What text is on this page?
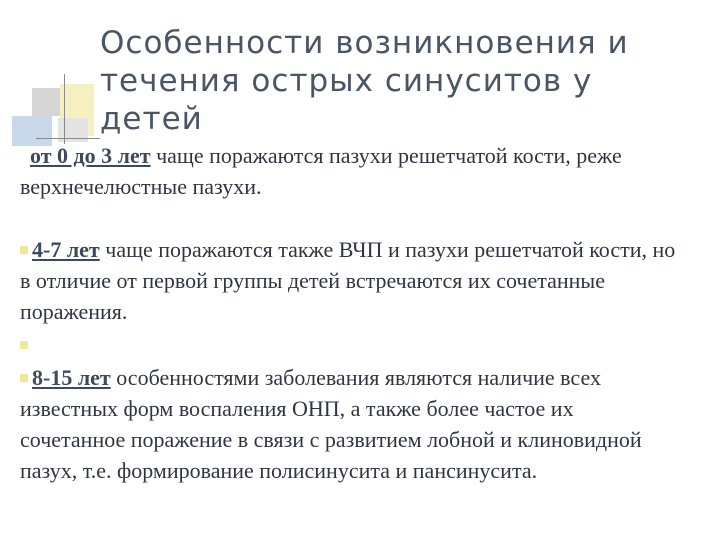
Особенности возникновения и течения острых синуситов у детей

от 0 до 3 лет чаще поражаются пазухи решетчатой кости, реже верхнечелюстные пазухи.

4-7 лет чаще поражаются также ВЧП и пазухи решетчатой кости, но в отличие от первой группы детей встречаются их сочетанные поражения.

8-15 лет особенностями заболевания являются наличие всех известных форм воспаления ОНП, а также более частое их сочетанное поражение в связи с развитием лобной и клиновидной пазух, т.е. формирование полисинусита и пансинусита.
